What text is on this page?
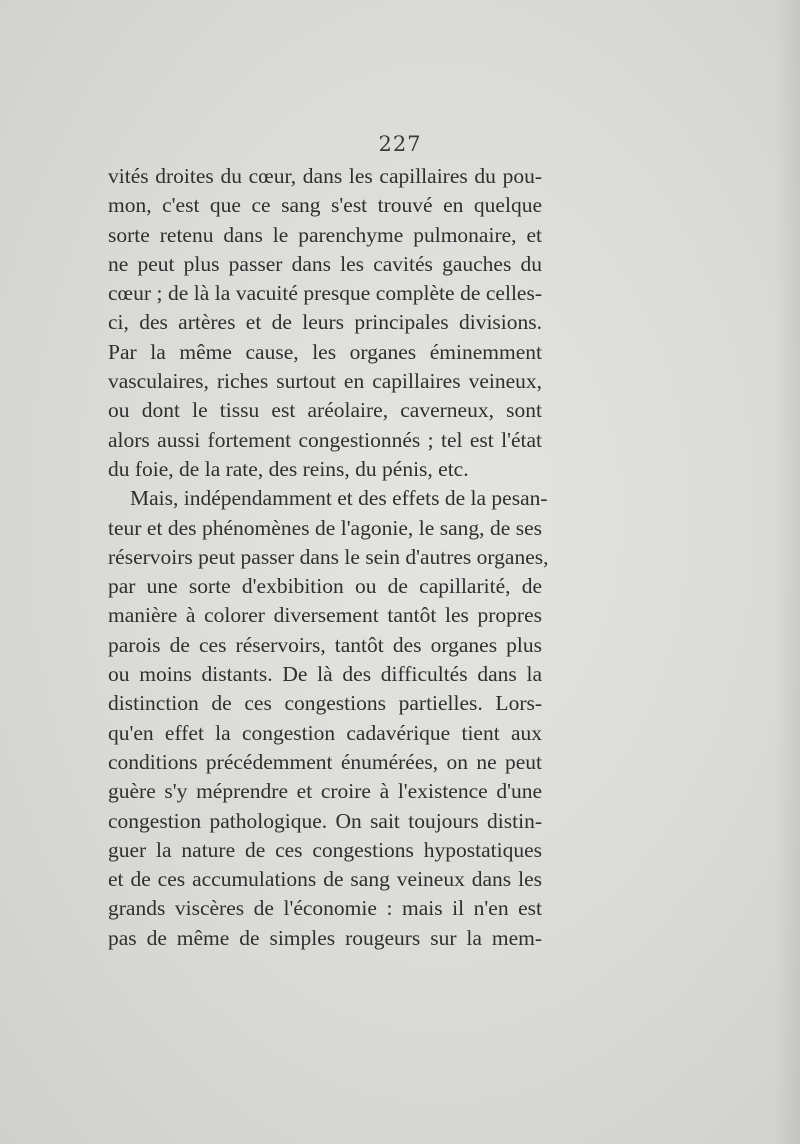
227
vités droites du cœur, dans les capillaires du pou-
mon, c'est que ce sang s'est trouvé en quelque
sorte retenu dans le parenchyme pulmonaire, et
ne peut plus passer dans les cavités gauches du
cœur ; de là la vacuité presque complète de celles-
ci, des artères et de leurs principales divisions.
Par la même cause, les organes éminemment
vasculaires, riches surtout en capillaires veineux,
ou dont le tissu est aréolaire, caverneux, sont
alors aussi fortement congestionnés ; tel est l'état
du foie, de la rate, des reins, du pénis, etc.
Mais, indépendamment et des effets de la pesan-
teur et des phénomènes de l'agonie, le sang, de ses
réservoirs peut passer dans le sein d'autres organes,
par une sorte d'exbibition ou de capillarité, de
manière à colorer diversement tantôt les propres
parois de ces réservoirs, tantôt des organes plus
ou moins distants. De là des difficultés dans la
distinction de ces congestions partielles. Lors-
qu'en effet la congestion cadavérique tient aux
conditions précédemment énumérées, on ne peut
guère s'y méprendre et croire à l'existence d'une
congestion pathologique. On sait toujours distin-
guer la nature de ces congestions hypostatiques
et de ces accumulations de sang veineux dans les
grands viscères de l'économie : mais il n'en est
pas de même de simples rougeurs sur la mem-
